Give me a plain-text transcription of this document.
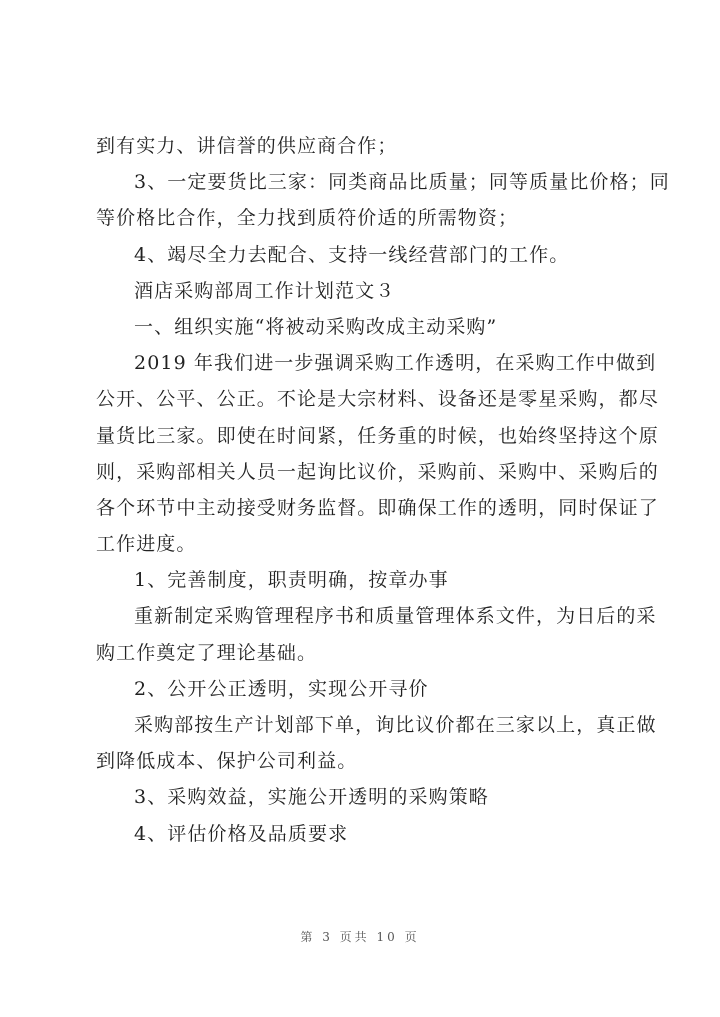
到有实力、讲信誉的供应商合作；
3、一定要货比三家：同类商品比质量；同等质量比价格；同
等价格比合作，全力找到质符价适的所需物资；
4、竭尽全力去配合、支持一线经营部门的工作。
酒店采购部周工作计划范文３
一、组织实施“将被动采购改成主动采购”
2019 年我们进一步强调采购工作透明，在采购工作中做到
公开、公平、公正。不论是大宗材料、设备还是零星采购，都尽
量货比三家。即使在时间紧，任务重的时候，也始终坚持这个原
则，采购部相关人员一起询比议价，采购前、采购中、采购后的
各个环节中主动接受财务监督。即确保工作的透明，同时保证了
工作进度。
1、完善制度，职责明确，按章办事
重新制定采购管理程序书和质量管理体系文件，为日后的采
购工作奠定了理论基础。
2、公开公正透明，实现公开寻价
采购部按生产计划部下单，询比议价都在三家以上，真正做
到降低成本、保护公司利益。
3、采购效益，实施公开透明的采购策略
4、评估价格及品质要求
第 3 页共 10 页
